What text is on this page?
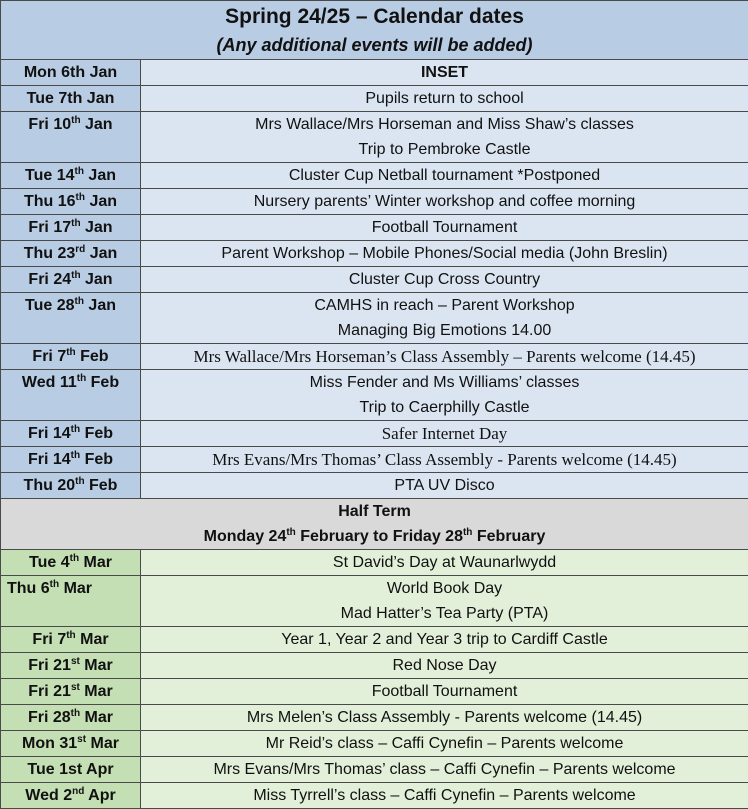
Spring 24/25 – Calendar dates
(Any additional events will be added)	

Mon 6th Jan	INSET

Tue 7th Jan	Pupils return to school

Fri 10th Jan	Mrs Wallace/Mrs Horseman and Miss Shaw’s classes
Trip to Pembroke Castle

Tue 14th Jan	Cluster Cup Netball tournament *Postponed

Thu 16th Jan	Nursery parents’ Winter workshop and coffee morning

Fri 17th Jan	Football Tournament

Thu 23rd Jan	Parent Workshop – Mobile Phones/Social media (John Breslin)

Fri 24th Jan	Cluster Cup Cross Country

Tue 28th Jan	CAMHS in reach – Parent Workshop
Managing Big Emotions 14.00

Fri 7th Feb	Mrs Wallace/Mrs Horseman’s Class Assembly – Parents welcome (14.45)

Wed 11th Feb	Miss Fender and Ms Williams’ classes
Trip to Caerphilly Castle

Fri 14th Feb	Safer Internet Day

Fri 14th Feb	Mrs Evans/Mrs Thomas’ Class Assembly - Parents welcome (14.45)

Thu 20th Feb	PTA UV Disco

Half Term
Monday 24th February to Friday 28th February	

Tue 4th Mar	St David’s Day at Waunarlwydd

Thu 6th Mar	World Book Day
Mad Hatter’s Tea Party (PTA)

Fri 7th Mar	Year 1, Year 2 and Year 3 trip to Cardiff Castle

Fri 21st Mar	Red Nose Day

Fri 21st Mar	Football Tournament

Fri 28th Mar	Mrs Melen’s Class Assembly - Parents welcome (14.45)

Mon 31st Mar	Mr Reid’s class – Caffi Cynefin – Parents welcome

Tue 1st Apr	Mrs Evans/Mrs Thomas’ class – Caffi Cynefin – Parents welcome

Wed 2nd Apr	Miss Tyrrell’s class – Caffi Cynefin – Parents welcome
